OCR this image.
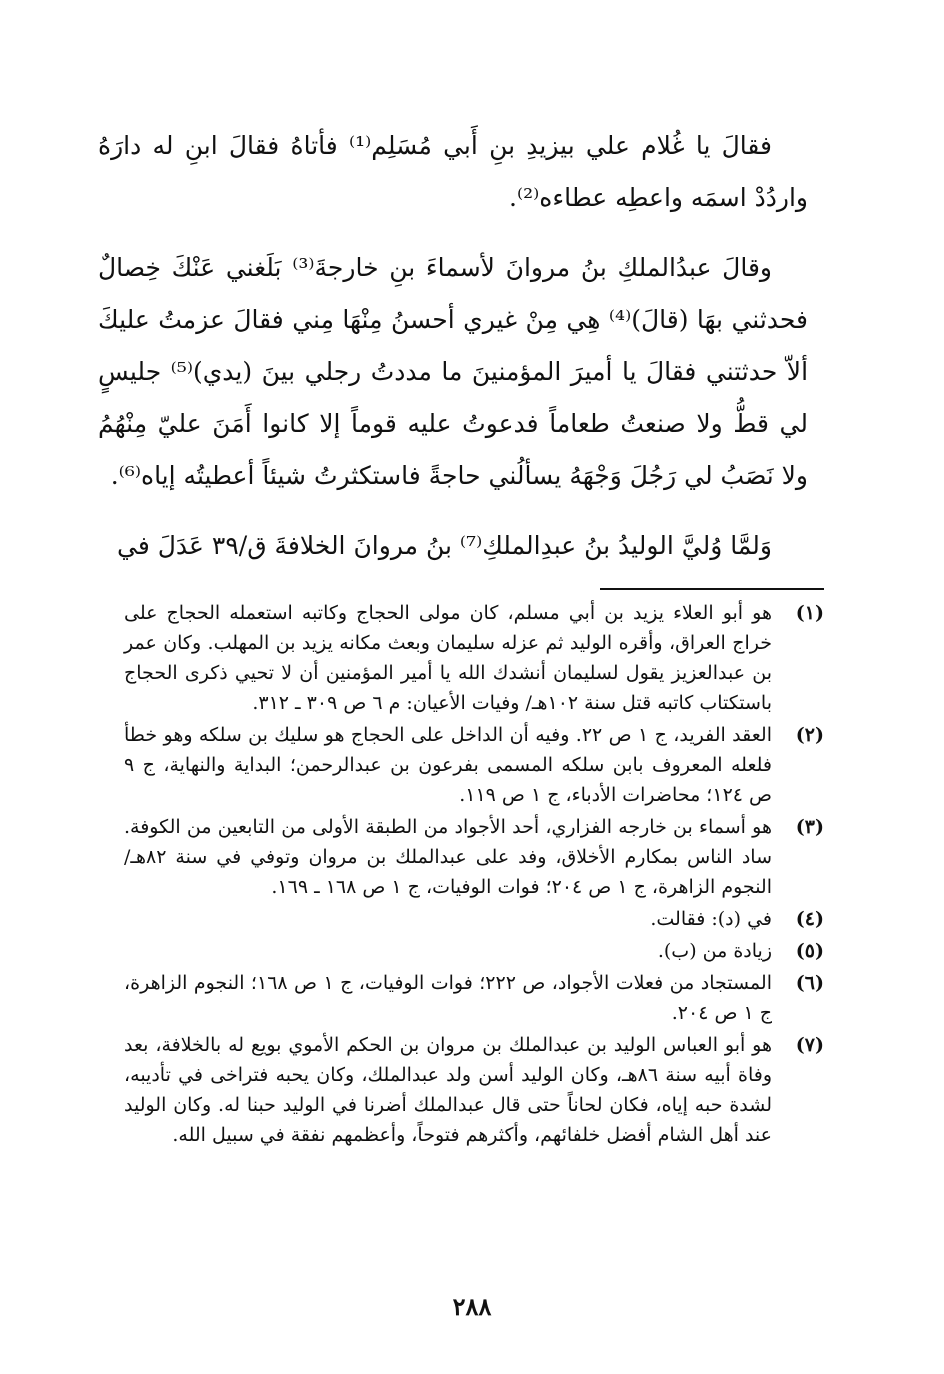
فقالَ يا غُلام علي بيزيدِ بنِ أَبي مُسَلِم⁽¹⁾ فأتاهُ فقالَ ابنِ له دارَهُ واردُدْ اسمَه واعطِه عطاءه⁽²⁾.

وقالَ عبدُالملكِ بنُ مروانَ لأسماءَ بنِ خارجةَ⁽³⁾ بَلَغني عَنْكَ خِصالٌ فحدثني بهَا (قالَ)⁽⁴⁾ هِي مِنْ غيري أحسنُ مِنْهَا مِني فقالَ عزمتُ عليكَ ألاّ حدثتني فقالَ يا أميرَ المؤمنينَ ما مددتُ رجلي بينَ (يدي)⁽⁵⁾ جليسٍ لي قطُّ ولا صنعتُ طعاماً فدعوتُ عليه قوماً إلا كانوا أَمَنَ عليّ مِنْهُمُ ولا نَصَبُ لي رَجُلَ وَجْهَهُ يسألُني حاجةً فاستكثرتُ شيئاً أعطيتُه إياه⁽⁶⁾.

وَلمَّا وُليَّ الوليدُ بنُ عبدِالملكِ⁽⁷⁾ بنُ مروانَ الخلافةَ ق/٣٩ عَدَلَ في

(١)
هو أبو العلاء يزيد بن أبي مسلم، كان مولى الحجاج وكاتبه استعمله الحجاج على خراج العراق، وأقره الوليد ثم عزله سليمان وبعث مكانه يزيد بن المهلب. وكان عمر بن عبدالعزيز يقول لسليمان أنشدك الله يا أمير المؤمنين أن لا تحيي ذكرى الحجاج باستكتاب كاتبه قتل سنة ١٠٢هـ/ وفيات الأعيان: م ٦ ص ٣٠٩ ـ ٣١٢.
(٢)
العقد الفريد، ج ١ ص ٢٢. وفيه أن الداخل على الحجاج هو سليك بن سلكه وهو خطأ فلعله المعروف بابن سلكه المسمى بفرعون بن عبدالرحمن؛ البداية والنهاية، ج ٩ ص ١٢٤؛ محاضرات الأدباء، ج ١ ص ١١٩.
(٣)
هو أسماء بن خارجه الفزاري، أحد الأجواد من الطبقة الأولى من التابعين من الكوفة. ساد الناس بمكارم الأخلاق، وفد على عبدالملك بن مروان وتوفي في سنة ٨٢هـ/ النجوم الزاهرة، ج ١ ص ٢٠٤؛ فوات الوفيات، ج ١ ص ١٦٨ ـ ١٦٩.
(٤)
في (د): فقالت.
(٥)
زيادة من (ب).
(٦)
المستجاد من فعلات الأجواد، ص ٢٢٢؛ فوات الوفيات، ج ١ ص ١٦٨؛ النجوم الزاهرة، ج ١ ص ٢٠٤.
(٧)
هو أبو العباس الوليد بن عبدالملك بن مروان بن الحكم الأموي بويع له بالخلافة، بعد وفاة أبيه سنة ٨٦هـ، وكان الوليد أسن ولد عبدالملك، وكان يحبه فتراخى في تأديبه، لشدة حبه إياه، فكان لحاناً حتى قال عبدالملك أضرنا في الوليد حبنا له. وكان الوليد عند أهل الشام أفضل خلفائهم، وأكثرهم فتوحاً، وأعظمهم نفقة في سبيل الله.
٢٨٨
